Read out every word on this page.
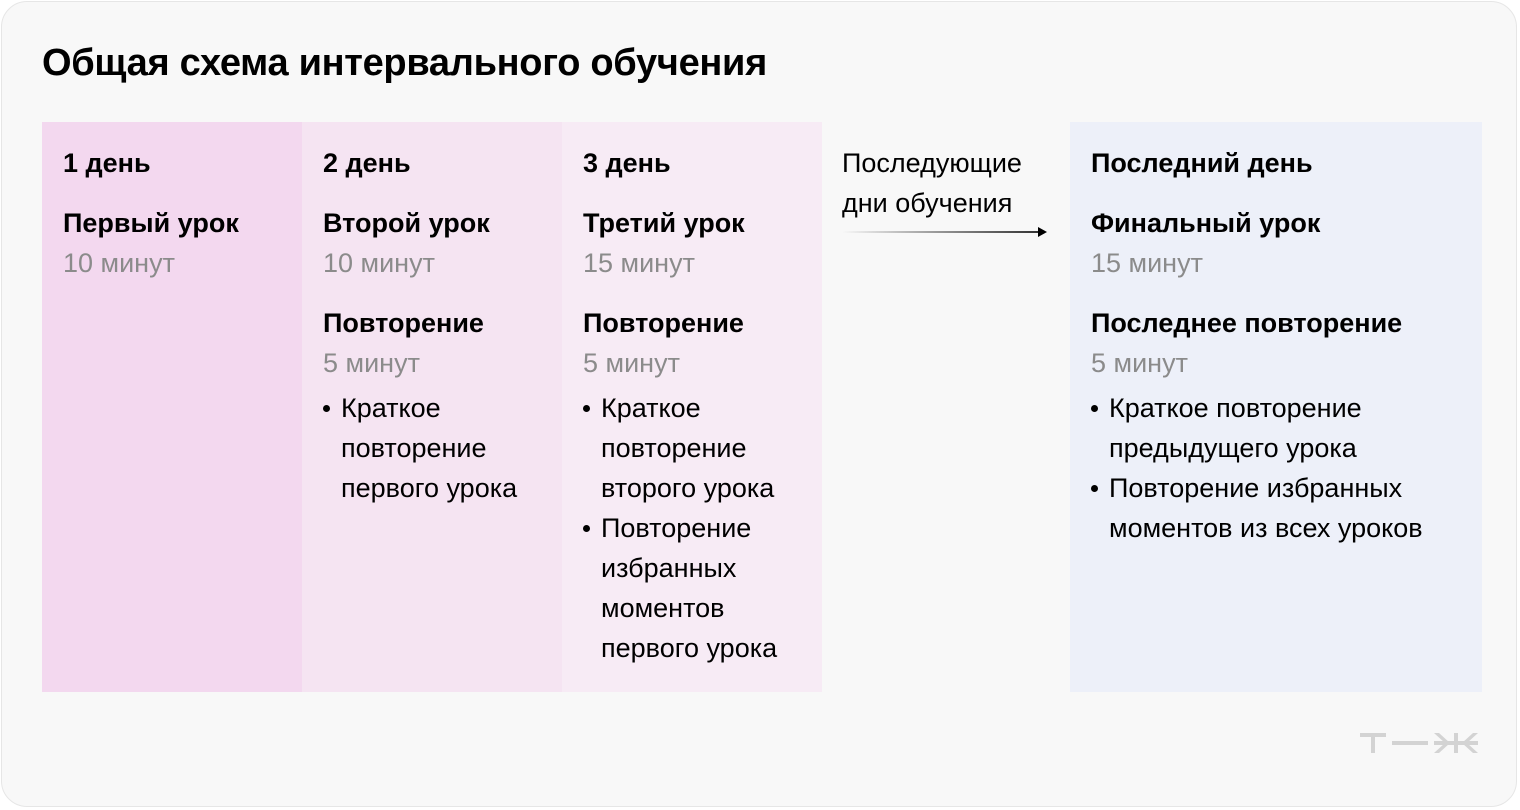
Общая схема интервального обучения
1 день
Первый урок
10 минут
2 день
Второй урок
10 минут
Повторение
5 минут
Краткое повторение первого урока
3 день
Третий урок
15 минут
Повторение
5 минут
Краткое повторение второго урока
Повторение избранных моментов первого урока
Последующие дни обучения
Последний день
Финальный урок
15 минут
Последнее повторение
5 минут
Краткое повторение предыдущего урока
Повторение избранных моментов из всех уроков
